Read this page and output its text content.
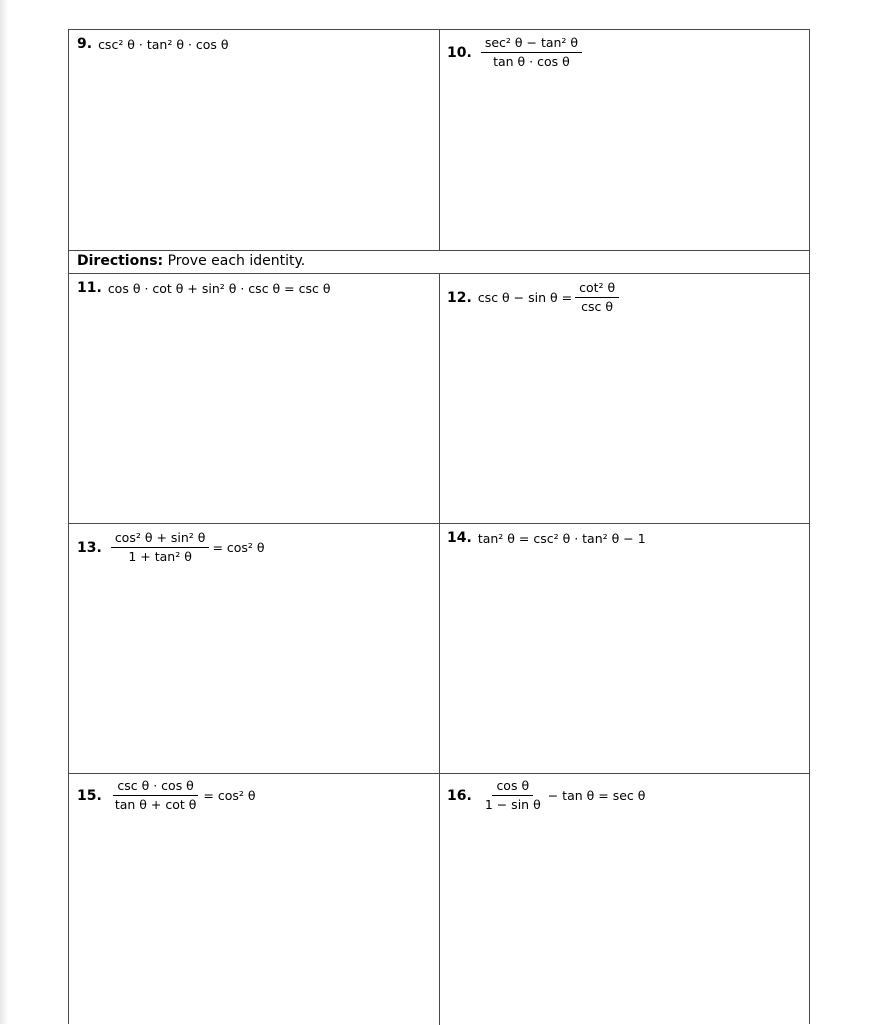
9. csc² θ · tan² θ · cos θ
10. $\frac{\text{sec² θ − tan² θ}}{\text{tan θ · cos θ}}$
Directions: Prove each identity.
11. cos θ · cot θ + sin² θ · csc θ = csc θ
12. $\csc \theta - \sin \theta = \frac{\text{cot² θ}}{\text{csc θ}}$
13. $\frac{\text{cos² θ + sin² θ}}{\text{1 + tan² θ}} = \cos^2$ θ
14. tan² θ = csc² θ · tan² θ − 1
15. $\frac{\text{csc θ · cos θ}}{\text{tan θ + cot θ}} = \cos^2$ θ	16. $\frac{\text{cos θ}}{\text{1 − sin θ}} - \tan \theta = \sec \theta$
